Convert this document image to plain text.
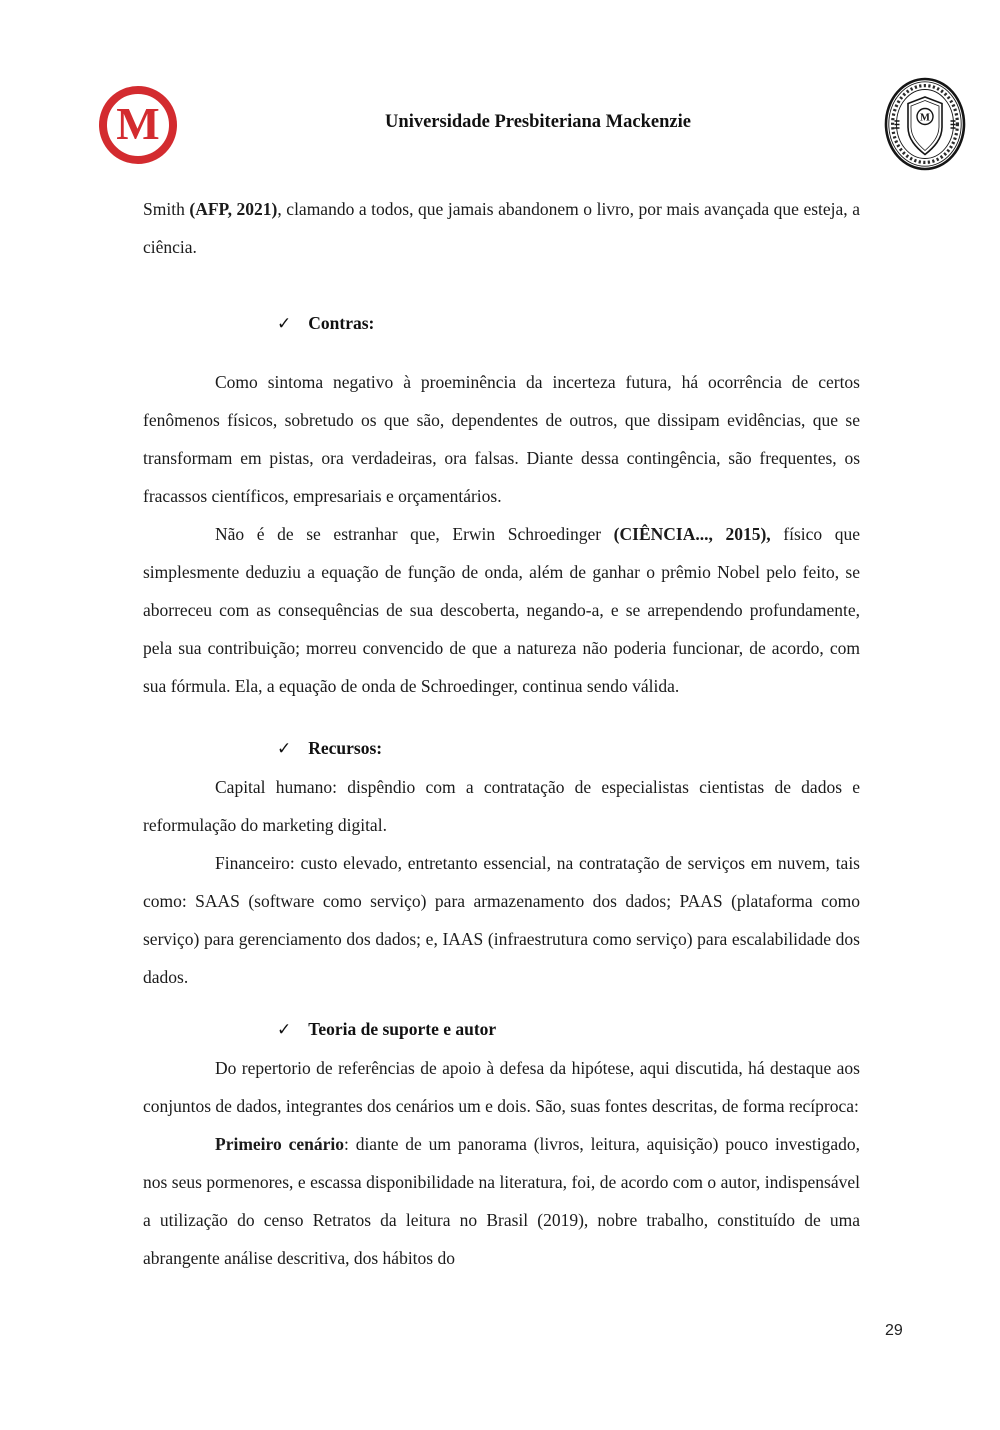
M	Universidade Presbiteriana Mackenzie	M

Smith (AFP, 2021), clamando a todos, que jamais abandonem o livro, por mais avançada que esteja, a ciência.

✓ Contras:

Como sintoma negativo à proeminência da incerteza futura, há ocorrência de certos fenômenos físicos, sobretudo os que são, dependentes de outros, que dissipam evidências, que se transformam em pistas, ora verdadeiras, ora falsas. Diante dessa contingência, são frequentes, os fracassos científicos, empresariais e orçamentários.

Não é de se estranhar que, Erwin Schroedinger (CIÊNCIA..., 2015), físico que simplesmente deduziu a equação de função de onda, além de ganhar o prêmio Nobel pelo feito, se aborreceu com as consequências de sua descoberta, negando-a, e se arrependendo profundamente, pela sua contribuição; morreu convencido de que a natureza não poderia funcionar, de acordo, com sua fórmula. Ela, a equação de onda de Schroedinger, continua sendo válida.

✓ Recursos:

Capital humano: dispêndio com a contratação de especialistas cientistas de dados e reformulação do marketing digital.

Financeiro: custo elevado, entretanto essencial, na contratação de serviços em nuvem, tais como: SAAS (software como serviço) para armazenamento dos dados; PAAS (plataforma como serviço) para gerenciamento dos dados; e, IAAS (infraestrutura como serviço) para escalabilidade dos dados.

✓ Teoria de suporte e autor

Do repertorio de referências de apoio à defesa da hipótese, aqui discutida, há destaque aos conjuntos de dados, integrantes dos cenários um e dois. São, suas fontes descritas, de forma recíproca:

Primeiro cenário: diante de um panorama (livros, leitura, aquisição) pouco investigado, nos seus pormenores, e escassa disponibilidade na literatura, foi, de acordo com o autor, indispensável a utilização do censo Retratos da leitura no Brasil (2019), nobre trabalho, constituído de uma abrangente análise descritiva, dos hábitos do

29
